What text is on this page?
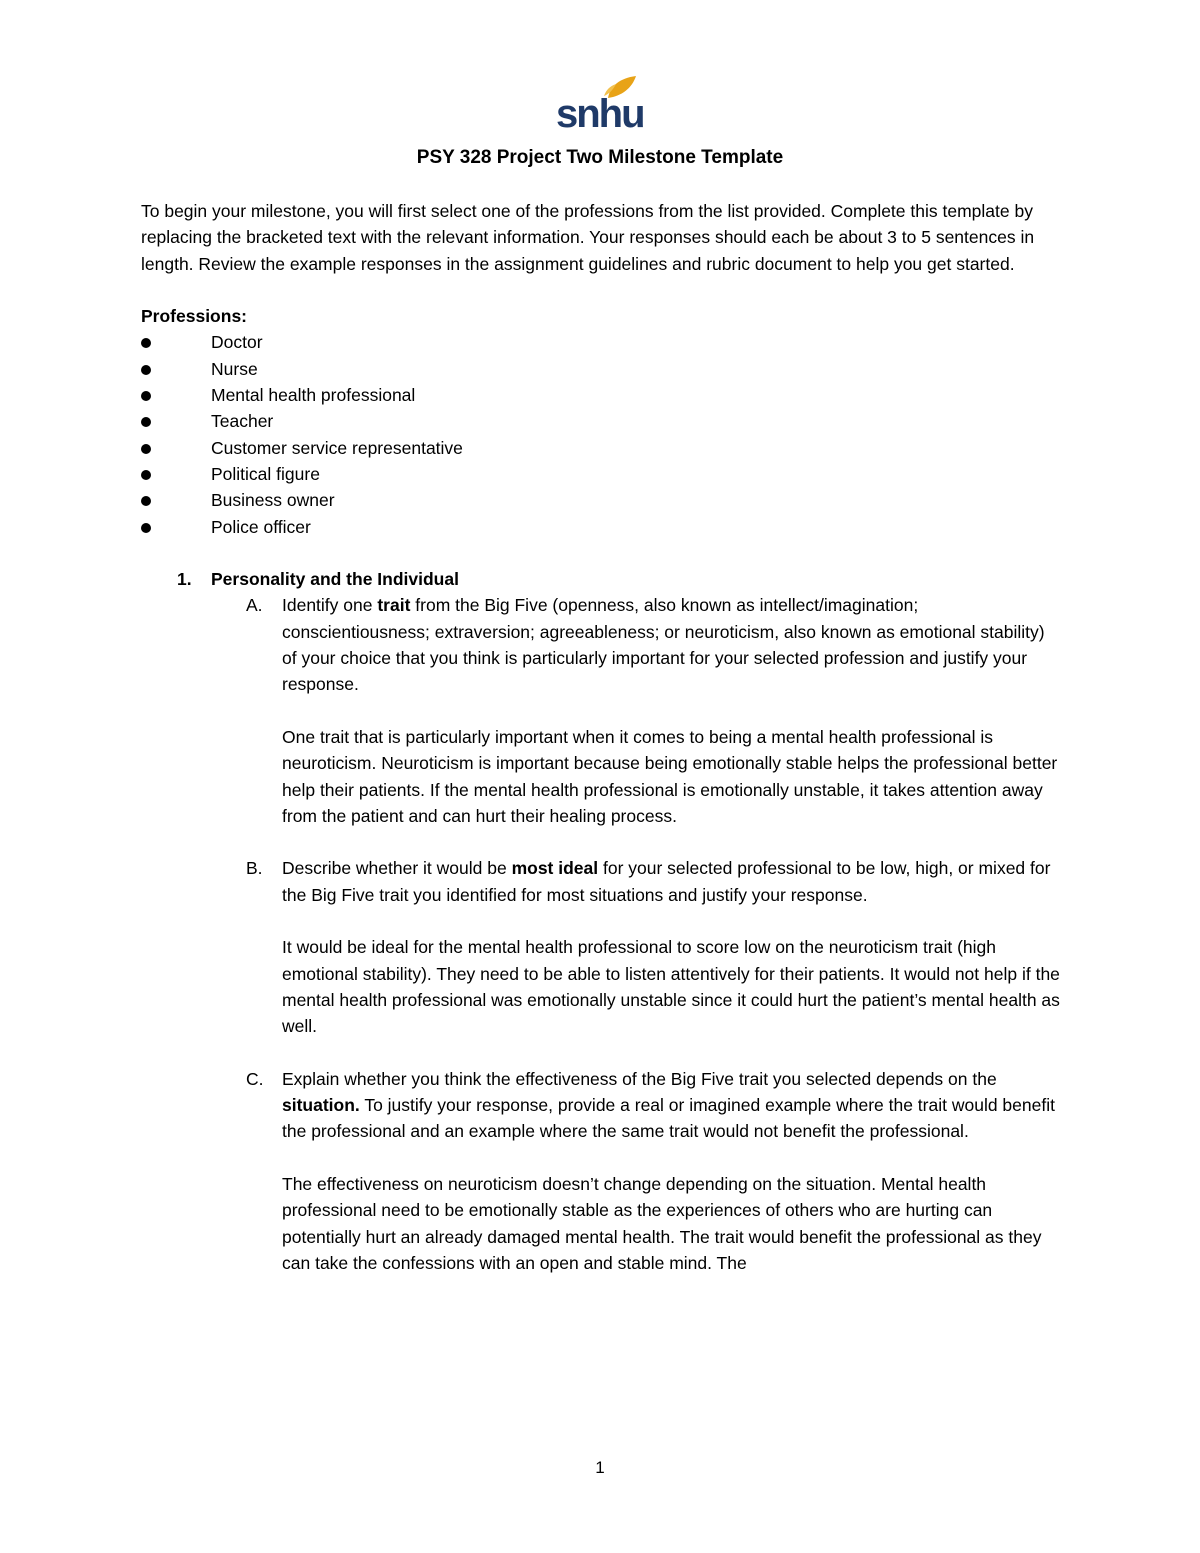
snhu
PSY 328 Project Two Milestone Template

To begin your milestone, you will first select one of the professions from the list provided. Complete this template by replacing the bracketed text with the relevant information. Your responses should each be about 3 to 5 sentences in length. Review the example responses in the assignment guidelines and rubric document to help you get started.

Professions:

Doctor
Nurse
Mental health professional
Teacher
Customer service representative
Political figure
Business owner
Police officer
1. Personality and the Individual

A. Identify one trait from the Big Five (openness, also known as intellect/imagination; conscientiousness; extraversion; agreeableness; or neuroticism, also known as emotional stability) of your choice that you think is particularly important for your selected profession and justify your response.

One trait that is particularly important when it comes to being a mental health professional is neuroticism. Neuroticism is important because being emotionally stable helps the professional better help their patients. If the mental health professional is emotionally unstable, it takes attention away from the patient and can hurt their healing process.

B. Describe whether it would be most ideal for your selected professional to be low, high, or mixed for the Big Five trait you identified for most situations and justify your response.

It would be ideal for the mental health professional to score low on the neuroticism trait (high emotional stability). They need to be able to listen attentively for their patients. It would not help if the mental health professional was emotionally unstable since it could hurt the patient’s mental health as well.

C. Explain whether you think the effectiveness of the Big Five trait you selected depends on the situation. To justify your response, provide a real or imagined example where the trait would benefit the professional and an example where the same trait would not benefit the professional.

The effectiveness on neuroticism doesn’t change depending on the situation. Mental health professional need to be emotionally stable as the experiences of others who are hurting can potentially hurt an already damaged mental health. The trait would benefit the professional as they can take the confessions with an open and stable mind. The

1
